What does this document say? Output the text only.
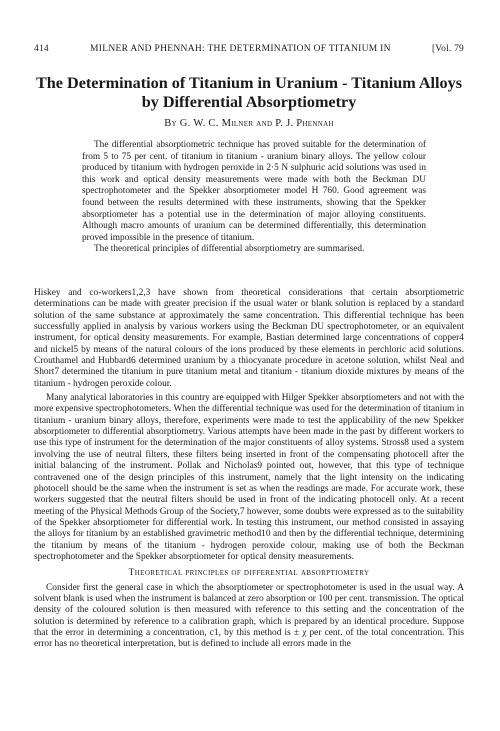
414	MILNER AND PHENNAH: THE DETERMINATION OF TITANIUM IN	[Vol. 79
The Determination of Titanium in Uranium - Titanium Alloys by Differential Absorptiometry
By G. W. C. Milner and P. J. Phennah

The differential absorptiometric technique has proved suitable for the determination of from 5 to 75 per cent. of titanium in titanium - uranium binary alloys. The yellow colour produced by titanium with hydrogen peroxide in 2·5 N sulphuric acid solutions was used in this work and optical density measurements were made with both the Beckman DU spectrophotometer and the Spekker absorptiometer model H 760. Good agreement was found between the results determined with these instruments, showing that the Spekker absorptiometer has a potential use in the determination of major alloying constituents. Although macro amounts of uranium can be determined differentially, this determination proved impossible in the presence of titanium.

The theoretical principles of differential absorptiometry are summarised.

Hiskey and co-workers1,2,3 have shown from theoretical considerations that certain absorptiometric determinations can be made with greater precision if the usual water or blank solution is replaced by a standard solution of the same substance at approximately the same concentration. This differential technique has been successfully applied in analysis by various workers using the Beckman DU spectrophotometer, or an equivalent instrument, for optical density measurements. For example, Bastian determined large concentrations of copper4 and nickel5 by means of the natural colours of the ions produced by these elements in perchloric acid solutions. Crouthamel and Hubbard6 determined uranium by a thiocyanate procedure in acetone solution, whilst Neal and Short7 determined the titanium in pure titanium metal and titanium - titanium dioxide mixtures by means of the titanium - hydrogen peroxide colour.

Many analytical laboratories in this country are equipped with Hilger Spekker absorptiometers and not with the more expensive spectrophotometers. When the differential technique was used for the determination of titanium in titanium - uranium binary alloys, therefore, experiments were made to test the applicability of the new Spekker absorptiometer to differential absorptiometry. Various attempts have been made in the past by different workers to use this type of instrument for the determination of the major constituents of alloy systems. Stross8 used a system involving the use of neutral filters, these filters being inserted in front of the compensating photocell after the initial balancing of the instrument. Pollak and Nicholas9 pointed out, however, that this type of technique contravened one of the design principles of this instrument, namely that the light intensity on the indicating photocell should be the same when the instrument is set as when the readings are made. For accurate work, these workers suggested that the neutral filters should be used in front of the indicating photocell only. At a recent meeting of the Physical Methods Group of the Society,7 however, some doubts were expressed as to the suitability of the Spekker absorptiometer for differential work. In testing this instrument, our method consisted in assaying the alloys for titanium by an established gravimetric method10 and then by the differential technique, determining the titanium by means of the titanium - hydrogen peroxide colour, making use of both the Beckman spectrophotometer and the Spekker absorptiometer for optical density measurements.

Theoretical principles of differential absorptiometry

Consider first the general case in which the absorptiometer or spectrophotometer is used in the usual way. A solvent blank is used when the instrument is balanced at zero absorption or 100 per cent. transmission. The optical density of the coloured solution is then measured with reference to this setting and the concentration of the solution is determined by reference to a calibration graph, which is prepared by an identical procedure. Suppose that the error in determining a concentration, c1, by this method is ± χ per cent. of the total concentration. This error has no theoretical interpretation, but is defined to include all errors made in the
